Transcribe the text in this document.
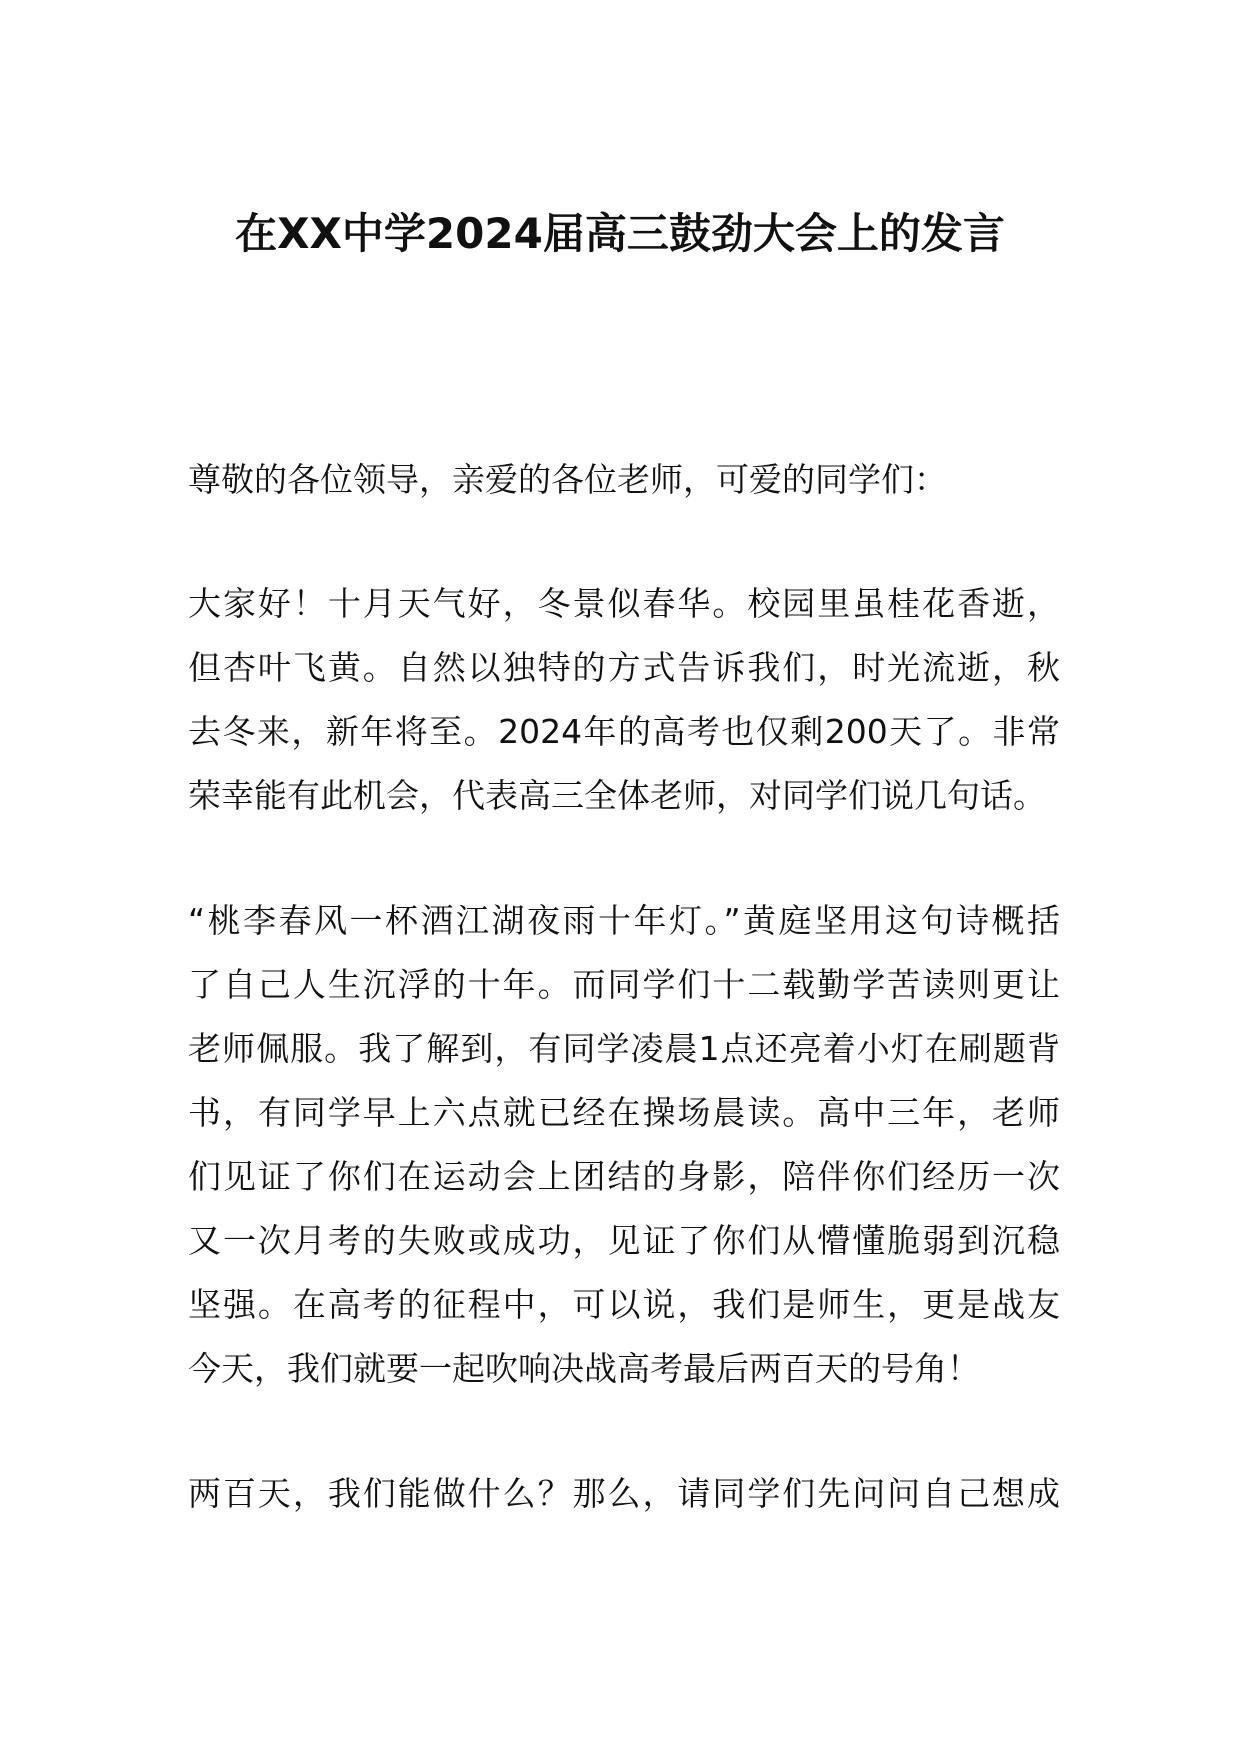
在XX中学2024届高三鼓劲大会上的发言
尊敬的各位领导，亲爱的各位老师，可爱的同学们：
大家好！十月天气好，冬景似春华。校园里虽桂花香逝，
但杏叶飞黄。自然以独特的方式告诉我们，时光流逝，秋
去冬来，新年将至。2024年的高考也仅剩200天了。非常
荣幸能有此机会，代表高三全体老师，对同学们说几句话。
“桃李春风一杯酒江湖夜雨十年灯。”黄庭坚用这句诗概括
了自己人生沉浮的十年。而同学们十二载勤学苦读则更让
老师佩服。我了解到，有同学凌晨1点还亮着小灯在刷题背
书，有同学早上六点就已经在操场晨读。高中三年，老师
们见证了你们在运动会上团结的身影，陪伴你们经历一次
又一次月考的失败或成功，见证了你们从懵懂脆弱到沉稳
坚强。在高考的征程中，可以说，我们是师生，更是战友
今天，我们就要一起吹响决战高考最后两百天的号角！
两百天，我们能做什么？那么，请同学们先问问自己想成
